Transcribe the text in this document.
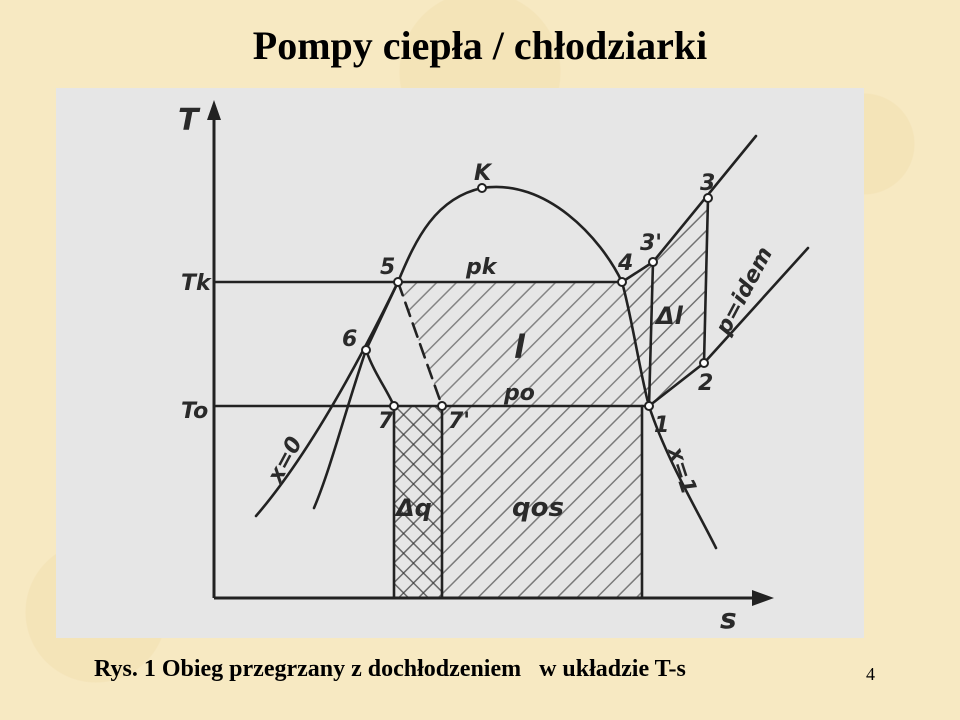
Pompy ciepła / chłodziarki
T
s
Tk
To
K
1
2
3
3'
4
5
6
7 7'
pk
po
p=idem
x=0	x=1
l
Δl
Δq	qos
Rys. 1 Obieg przegrzany z dochłodzeniem   w układzie T-s	4
